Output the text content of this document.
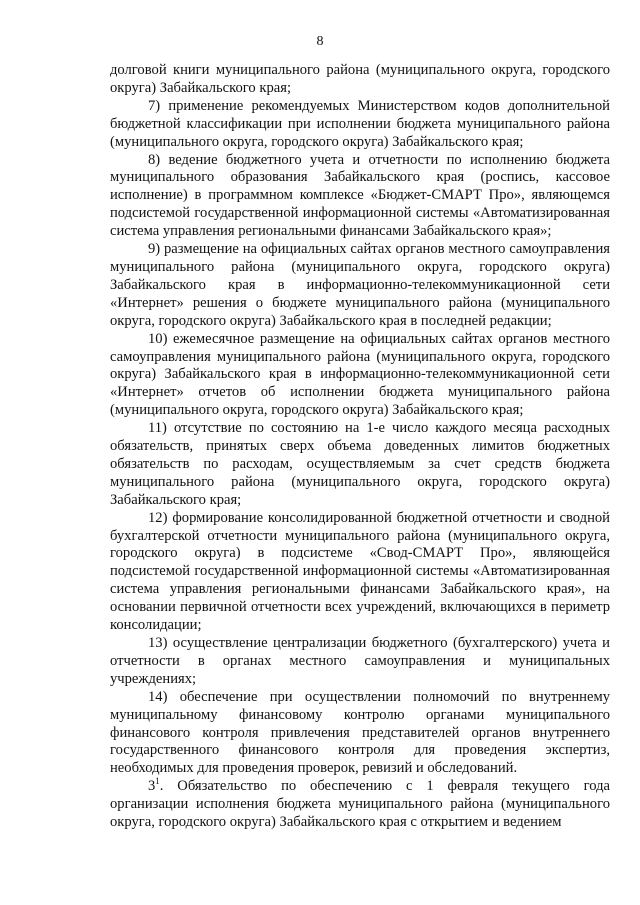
8

долговой книги муниципального района (муниципального округа, городского округа) Забайкальского края;

7) применение рекомендуемых Министерством кодов дополнительной бюджетной классификации при исполнении бюджета муниципального района (муниципального округа, городского округа) Забайкальского края;

8) ведение бюджетного учета и отчетности по исполнению бюджета муниципального образования Забайкальского края (роспись, кассовое исполнение) в программном комплексе «Бюджет-СМАРТ Про», являющемся подсистемой государственной информационной системы «Автоматизированная система управления региональными финансами Забайкальского края»;

9) размещение на официальных сайтах органов местного самоуправления муниципального района (муниципального округа, городского округа) Забайкальского края в информационно-телекоммуникационной сети «Интернет» решения о бюджете муниципального района (муниципального округа, городского округа) Забайкальского края в последней редакции;

10) ежемесячное размещение на официальных сайтах органов местного самоуправления муниципального района (муниципального округа, городского округа) Забайкальского края в информационно-телекоммуникационной сети «Интернет» отчетов об исполнении бюджета муниципального района (муниципального округа, городского округа) Забайкальского края;

11) отсутствие по состоянию на 1-е число каждого месяца расходных обязательств, принятых сверх объема доведенных лимитов бюджетных обязательств по расходам, осуществляемым за счет средств бюджета муниципального района (муниципального округа, городского округа) Забайкальского края;

12) формирование консолидированной бюджетной отчетности и сводной бухгалтерской отчетности муниципального района (муниципального округа, городского округа) в подсистеме «Свод-СМАРТ Про», являющейся подсистемой государственной информационной системы «Автоматизированная система управления региональными финансами Забайкальского края», на основании первичной отчетности всех учреждений, включающихся в периметр консолидации;

13) осуществление централизации бюджетного (бухгалтерского) учета и отчетности в органах местного самоуправления и муниципальных учреждениях;

14) обеспечение при осуществлении полномочий по внутреннему муниципальному финансовому контролю органами муниципального финансового контроля привлечения представителей органов внутреннего государственного финансового контроля для проведения экспертиз, необходимых для проведения проверок, ревизий и обследований.

$3^1$. Обязательство по обеспечению с 1 февраля текущего года организации исполнения бюджета муниципального района (муниципального округа, городского округа) Забайкальского края с открытием и ведением
